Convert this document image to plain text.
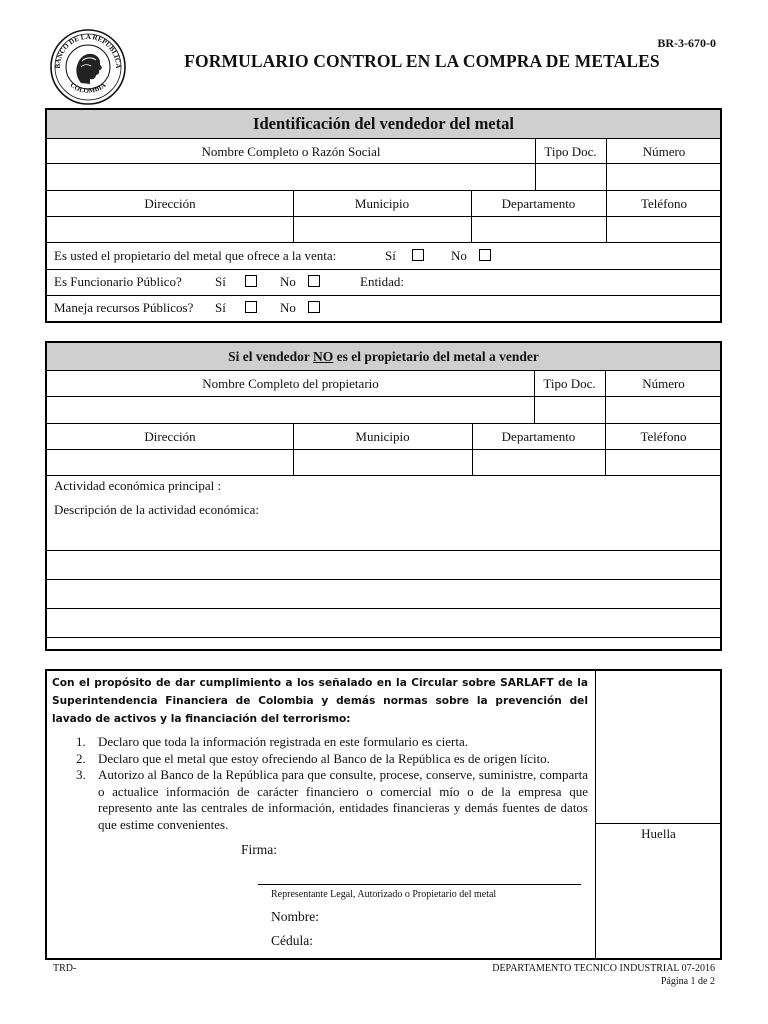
BANCO DE LA REPUBLICA
COLOMBIA
BR-3-670-0
FORMULARIO CONTROL EN LA COMPRA DE METALES
Identificación del vendedor del metal
Nombre Completo o Razón Social	Tipo Doc.	Número
Dirección	Municipio	Departamento	Teléfono
Es usted el propietario del metal que ofrece a la venta:	Sí	No
Es Funcionario Público?	Sí	No	Entidad:
Maneja recursos Públicos? Sí	No
Si el vendedor NO es el propietario del metal a vender
Nombre Completo del propietario	Tipo Doc.	Número
Dirección	Municipio	Departamento	Teléfono
Actividad económica principal :
Descripción de la actividad económica:
Huella
Con el propósito de dar cumplimiento a los señalado en la Circular sobre SARLAFT de la Superintendencia Financiera de Colombia y demás normas sobre la prevención del lavado de activos y la financiación del terrorismo:
1. Declaro que toda la información registrada en este formulario es cierta.
2. Declaro que el metal que estoy ofreciendo al Banco de la República es de origen lícito.
3. Autorizo al Banco de la República para que consulte, procese, conserve, suministre, comparta o actualice información de carácter financiero o comercial mío o de la empresa que represento ante las centrales de información, entidades financieras y demás fuentes de datos que estime convenientes.
Firma:
Representante Legal, Autorizado o Propietario del metal
Nombre:
Cédula:
TRD-	DEPARTAMENTO TECNICO INDUSTRIAL 07-2016
Página 1 de 2
